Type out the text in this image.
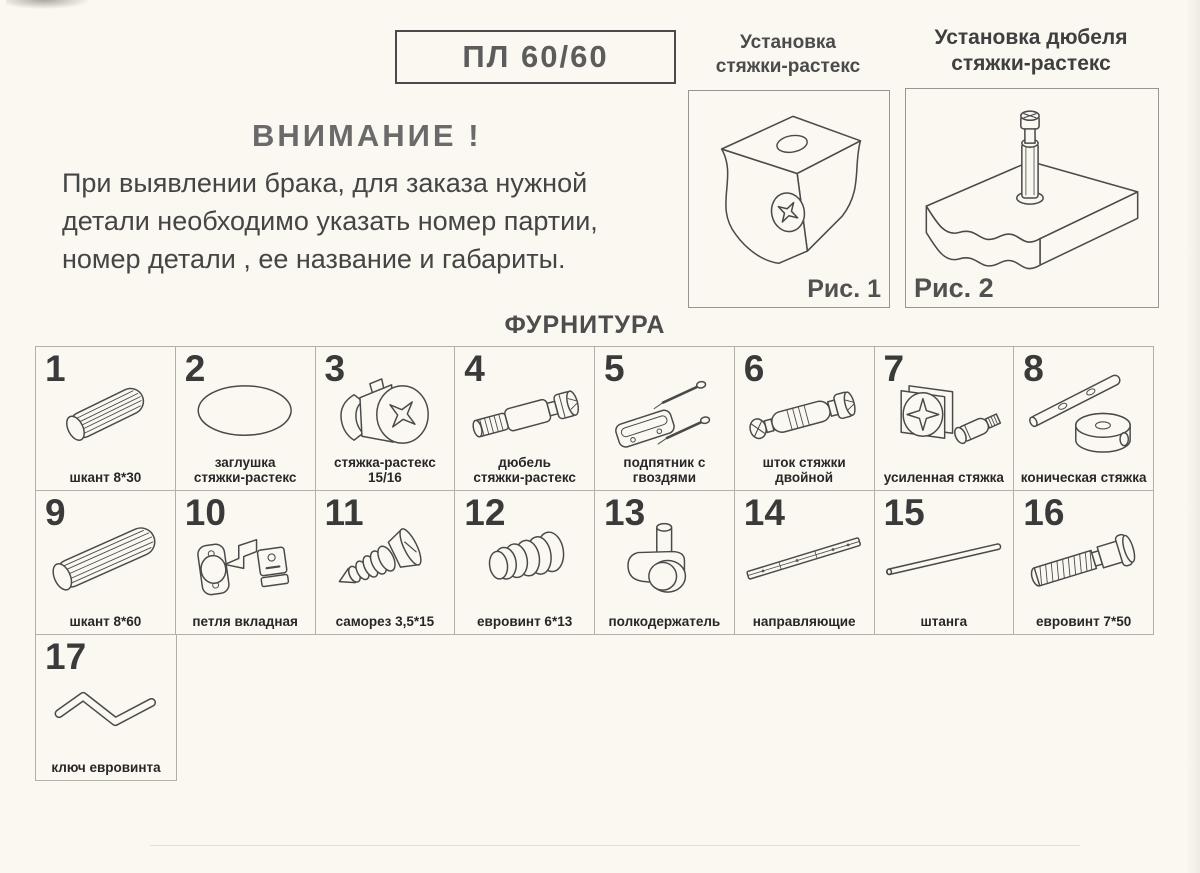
ПЛ 60/60
ВНИМАНИЕ !
При выявлении брака, для заказа нужной
детали необходимо указать номер партии,
номер детали , ее название и габариты.
Установка
стяжки-растекс
Рис. 1
Установка дюбеля
стяжки-растекс
Рис. 2
ФУРНИТУРА
1
шкант 8*30
2
заглушка
стяжки-растекс
3
стяжка-растекс
15/16
4
дюбель
стяжки-растекс
5
подпятник с
гвоздями
6
шток стяжки
двойной
7
усиленная стяжка
8
коническая стяжка
9
шкант 8*60
10
петля вкладная
11
саморез 3,5*15
12
евровинт 6*13
13
полкодержатель
14
направляющие
15
штанга
16
евровинт 7*50
17
ключ евровинта
